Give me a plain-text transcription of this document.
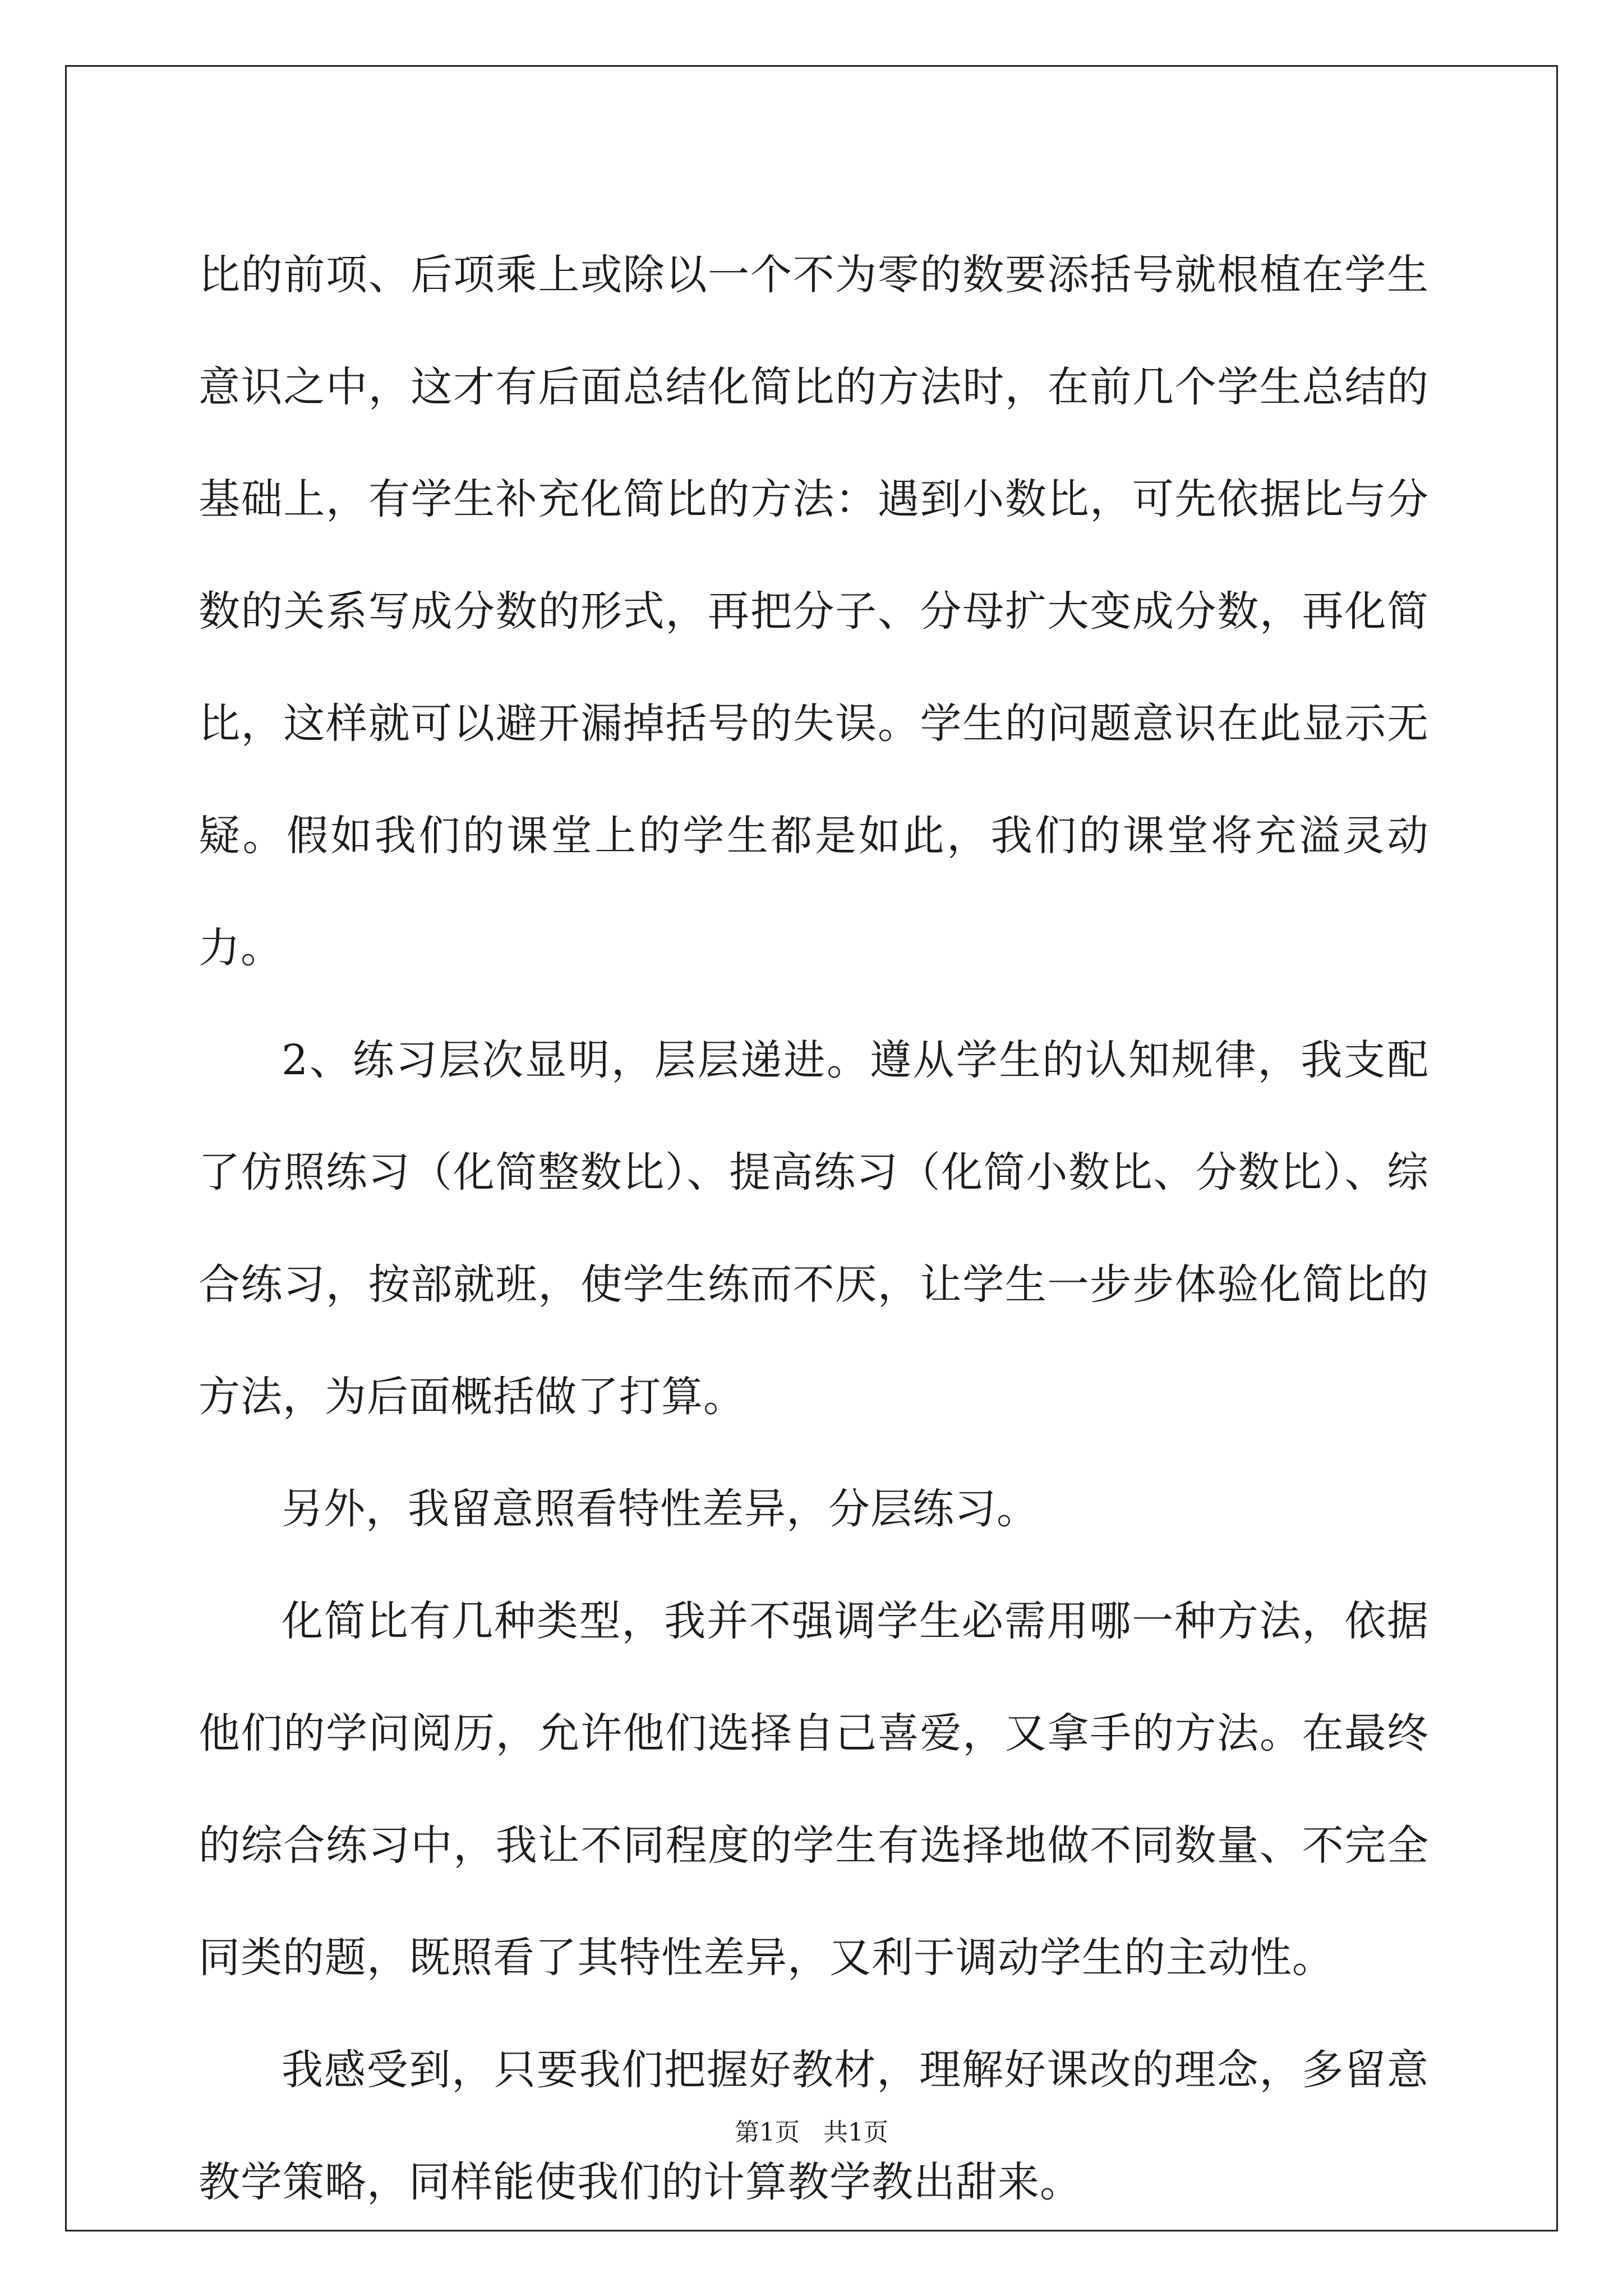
比的前项、后项乘上或除以一个不为零的数要添括号就根植在学生意识之中，这才有后面总结化简比的方法时，在前几个学生总结的基础上，有学生补充化简比的方法：遇到小数比，可先依据比与分数的关系写成分数的形式，再把分子、分母扩大变成分数，再化简比，这样就可以避开漏掉括号的失误。学生的问题意识在此显示无疑。假如我们的课堂上的学生都是如此，我们的课堂将充溢灵动力。

2、练习层次显明，层层递进。遵从学生的认知规律，我支配了仿照练习（化简整数比）、提高练习（化简小数比、分数比）、综合练习，按部就班，使学生练而不厌，让学生一步步体验化简比的方法，为后面概括做了打算。

另外，我留意照看特性差异，分层练习。

化简比有几种类型，我并不强调学生必需用哪一种方法，依据他们的学问阅历，允许他们选择自己喜爱，又拿手的方法。在最终的综合练习中，我让不同程度的学生有选择地做不同数量、不完全同类的题，既照看了其特性差异，又利于调动学生的主动性。

我感受到，只要我们把握好教材，理解好课改的理念，多留意教学策略，同样能使我们的计算教学教出甜来。

第1页 共1页
